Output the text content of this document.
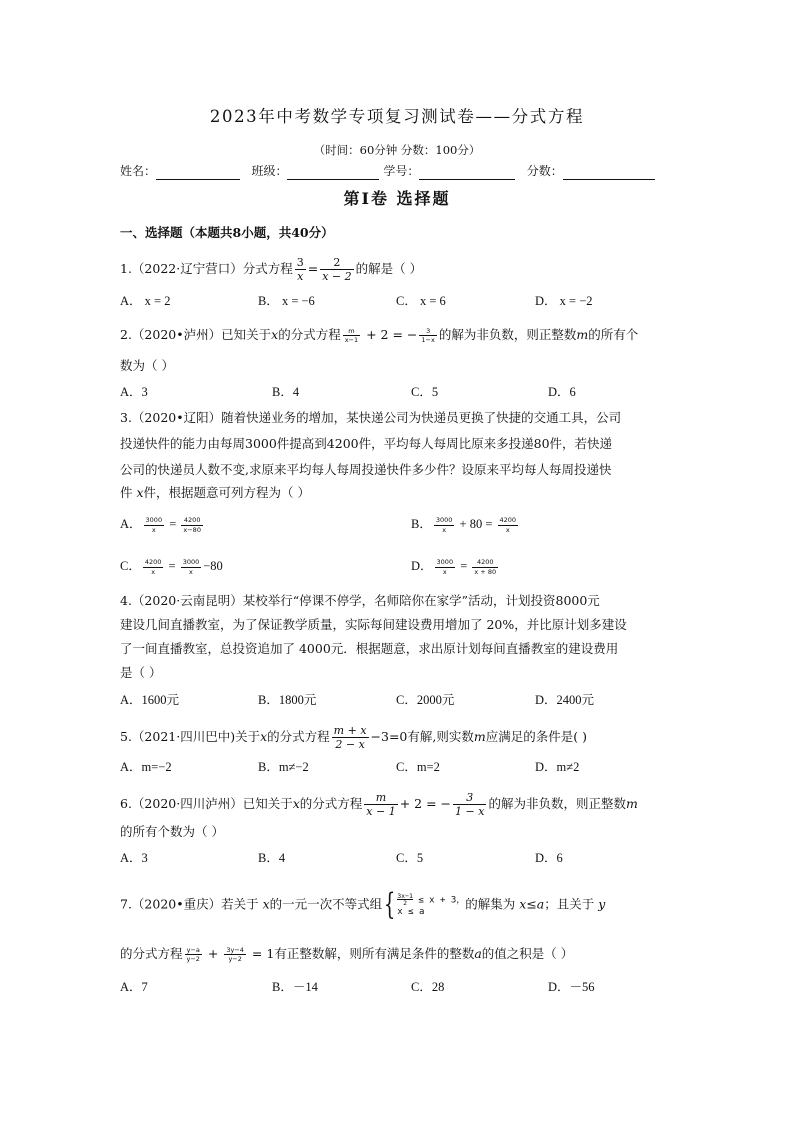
2023年中考数学专项复习测试卷——分式方程
（时间：60分钟 分数：100分）
姓名：	班级：	学号：	分数：
第Ⅰ卷 选择题
一、选择题（本题共8小题，共40分）
1.（2022·辽宁营口）分式方程 $\frac{3}{x} = \frac{2}{x - 2}$ 的解是（ ）
A． x = 2	B． x = −6	C． x = 6	D． x = −2
2.（2020•泸州）已知关于x的分式方程 $\frac{m}{x-1} + 2$ = − $\frac{3}{1-x}$ 的解为非负数，则正整数m的所有个
数为（ ）
A．3	B．4	C．5	D．6
3.（2020•辽阳）随着快递业务的增加，某快递公司为快递员更换了快捷的交通工具，公司
投递快件的能力由每周3000件提高到4200件，平均每人每周比原来多投递80件，若快递
公司的快递员人数不变,求原来平均每人每周投递快件多少件？设原来平均每人每周投递快
件 x件，根据题意可列方程为（ ）
A． $\frac{3000}{x} = \frac{4200}{x-80}$	B． $\frac{3000}{x} + 80 = \frac{4200}{x}$
C． $\frac{4200}{x} = \frac{3000}{x} -80$	D． $\frac{3000}{x} = \frac{4200}{x + 80}$
4.（2020·云南昆明）某校举行“停课不停学，名师陪你在家学”活动，计划投资8000元
建设几间直播教室，为了保证教学质量，实际每间建设费用增加了 20%，并比原计划多建设
了一间直播教室，总投资追加了 4000元．根据题意，求出原计划每间直播教室的建设费用
是（ ）
A．1600元	B．1800元	C．2000元	D．2400元
5.（2021·四川巴中)关于x的分式方程 $\frac{m + x}{2 - x} -3=0$有解,则实数m应满足的条件是( )
A．m=−2	B．m≠−2	C．m=2	D．m≠2
6.（2020·四川泸州）已知关于x的分式方程 $\frac{m}{x - 1} + 2$ = − $\frac{3}{1 - x}$ 的解为非负数，则正整数m
的所有个数为（ ）
A．3	B．4	C．5	D．6
7.（2020•重庆）若关于 x的一元一次不等式组{ $\frac{3x-1}{2} \le x + 3$，
x ≤ a	的解集为 x≤a；且关于 y
的分式方程 $\frac{y-a}{y-2} + \frac{3y-4}{y-2} = 1$有正整数解，则所有满足条件的整数a的值之积是（ ）
A．7	B．－14	C．28	D．－56
